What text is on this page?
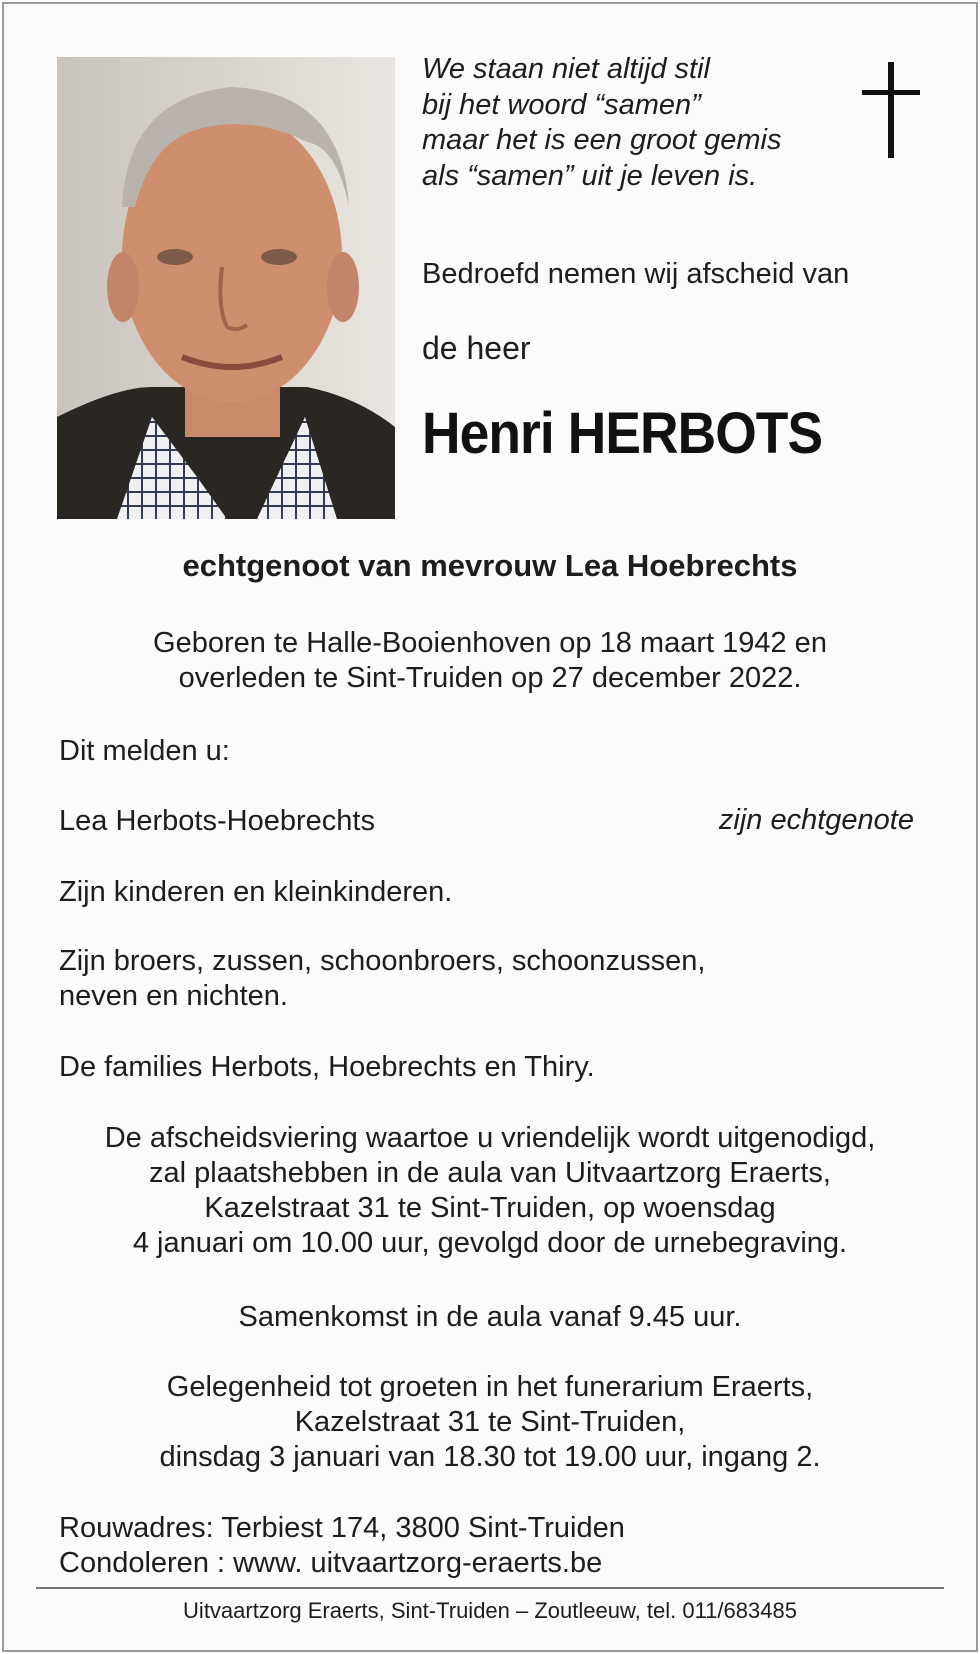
We staan niet altijd stil
bij het woord “samen”
maar het is een groot gemis
als “samen” uit je leven is.
Bedroefd nemen wij afscheid van
de heer
Henri HERBOTS
echtgenoot van mevrouw Lea Hoebrechts
Geboren te Halle-Booienhoven op 18 maart 1942 en
overleden te Sint-Truiden op 27 december 2022.
Dit melden u:
Lea Herbots-Hoebrechts	zijn echtgenote
Zijn kinderen en kleinkinderen.
Zijn broers, zussen, schoonbroers, schoonzussen,
neven en nichten.
De families Herbots, Hoebrechts en Thiry.
De afscheidsviering waartoe u vriendelijk wordt uitgenodigd,
zal plaatshebben in de aula van Uitvaartzorg Eraerts,
Kazelstraat 31 te Sint-Truiden, op woensdag
4 januari om 10.00 uur, gevolgd door de urnebegraving.
Samenkomst in de aula vanaf 9.45 uur.
Gelegenheid tot groeten in het funerarium Eraerts,
Kazelstraat 31 te Sint-Truiden,
dinsdag 3 januari van 18.30 tot 19.00 uur, ingang 2.
Rouwadres: Terbiest 174, 3800 Sint-Truiden
Condoleren : www. uitvaartzorg-eraerts.be
Uitvaartzorg Eraerts, Sint-Truiden – Zoutleeuw, tel. 011/683485
